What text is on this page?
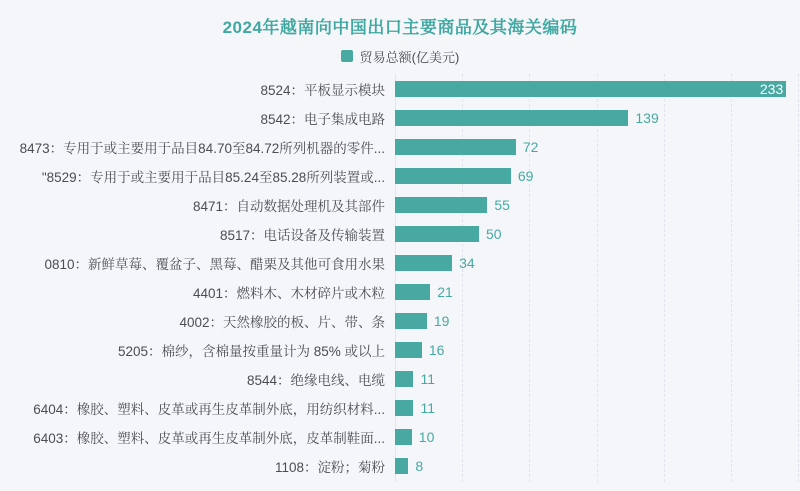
2024年越南向中国出口主要商品及其海关编码
贸易总额(亿美元)
8524：平板显示模块	233
8542：电子集成电路	139
8473：专用于或主要用于品目84.70至84.72所列机器的零件...	72
"8529：专用于或主要用于品目85.24至85.28所列装置或...	69
8471：自动数据处理机及其部件	55
8517：电话设备及传输装置	50
0810：新鲜草莓、覆盆子、黑莓、醋栗及其他可食用水果	34
4401：燃料木、木材碎片或木粒	21
4002：天然橡胶的板、片、带、条	19
5205：棉纱，含棉量按重量计为 85% 或以上	16
8544：绝缘电线、电缆	11
6404：橡胶、塑料、皮革或再生皮革制外底，用纺织材料...	11
6403：橡胶、塑料、皮革或再生皮革制外底，皮革制鞋面...	10
1108：淀粉；菊粉	8
